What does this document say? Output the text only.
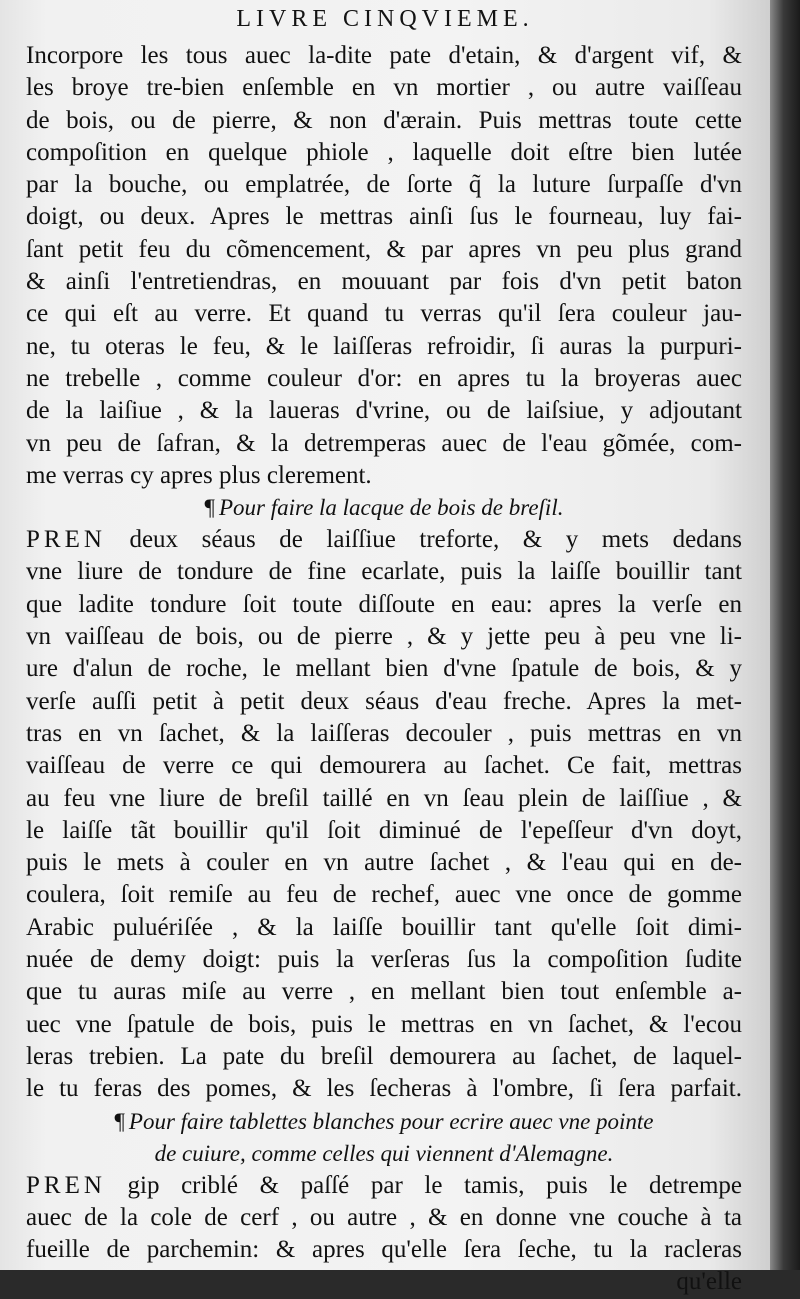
LIVRE CINQVIEME.
Incorpore les tous auec la-dite pate d'etain, & d'argent vif, &
les broye tre-bien enſemble en vn mortier , ou autre vaiſſeau
de bois, ou de pierre, & non d'ærain. Puis mettras toute cette
compoſition en quelque phiole , laquelle doit eſtre bien lutée
par la bouche, ou emplatrée, de ſorte q̃ la luture ſurpaſſe d'vn
doigt, ou deux. Apres le mettras ainſi ſus le fourneau, luy fai-
ſant petit feu du cõmencement, & par apres vn peu plus grand
& ainſi l'entretiendras, en mouuant par fois d'vn petit baton
ce qui eſt au verre. Et quand tu verras qu'il ſera couleur jau-
ne, tu oteras le feu, & le laiſſeras refroidir, ſi auras la purpuri-
ne trebelle , comme couleur d'or: en apres tu la broyeras auec
de la laiſiue , & la laueras d'vrine, ou de laiſsiue, y adjoutant
vn peu de ſafran, & la detremperas auec de l'eau gõmée, com-
me verras cy apres plus clerement.
¶ Pour faire la lacque de bois de breſil.
PREN deux séaus de laiſſiue treforte, & y mets dedans
vne liure de tondure de fine ecarlate, puis la laiſſe bouillir tant
que ladite tondure ſoit toute diſſoute en eau: apres la verſe en
vn vaiſſeau de bois, ou de pierre , & y jette peu à peu vne li-
ure d'alun de roche, le mellant bien d'vne ſpatule de bois, & y
verſe auſſi petit à petit deux séaus d'eau freche. Apres la met-
tras en vn ſachet, & la laiſſeras decouler , puis mettras en vn
vaiſſeau de verre ce qui demourera au ſachet. Ce fait, mettras
au feu vne liure de breſil taillé en vn ſeau plein de laiſſiue , &
le laiſſe tãt bouillir qu'il ſoit diminué de l'epeſſeur d'vn doyt,
puis le mets à couler en vn autre ſachet , & l'eau qui en de-
coulera, ſoit remiſe au feu de rechef, auec vne once de gomme
Arabic puluériſée , & la laiſſe bouillir tant qu'elle ſoit dimi-
nuée de demy doigt: puis la verſeras ſus la compoſition ſudite
que tu auras miſe au verre , en mellant bien tout enſemble a-
uec vne ſpatule de bois, puis le mettras en vn ſachet, & l'ecou
leras trebien. La pate du breſil demourera au ſachet, de laquel-
le tu feras des pomes, & les ſecheras à l'ombre, ſi ſera parfait.
¶ Pour faire tablettes blanches pour ecrire auec vne pointe
de cuiure, comme celles qui viennent d'Alemagne.
PREN gip criblé & paſſé par le tamis, puis le detrempe
auec de la cole de cerf , ou autre , & en donne vne couche à ta
fueille de parchemin: & apres qu'elle ſera ſeche, tu la racleras
qu'elle
